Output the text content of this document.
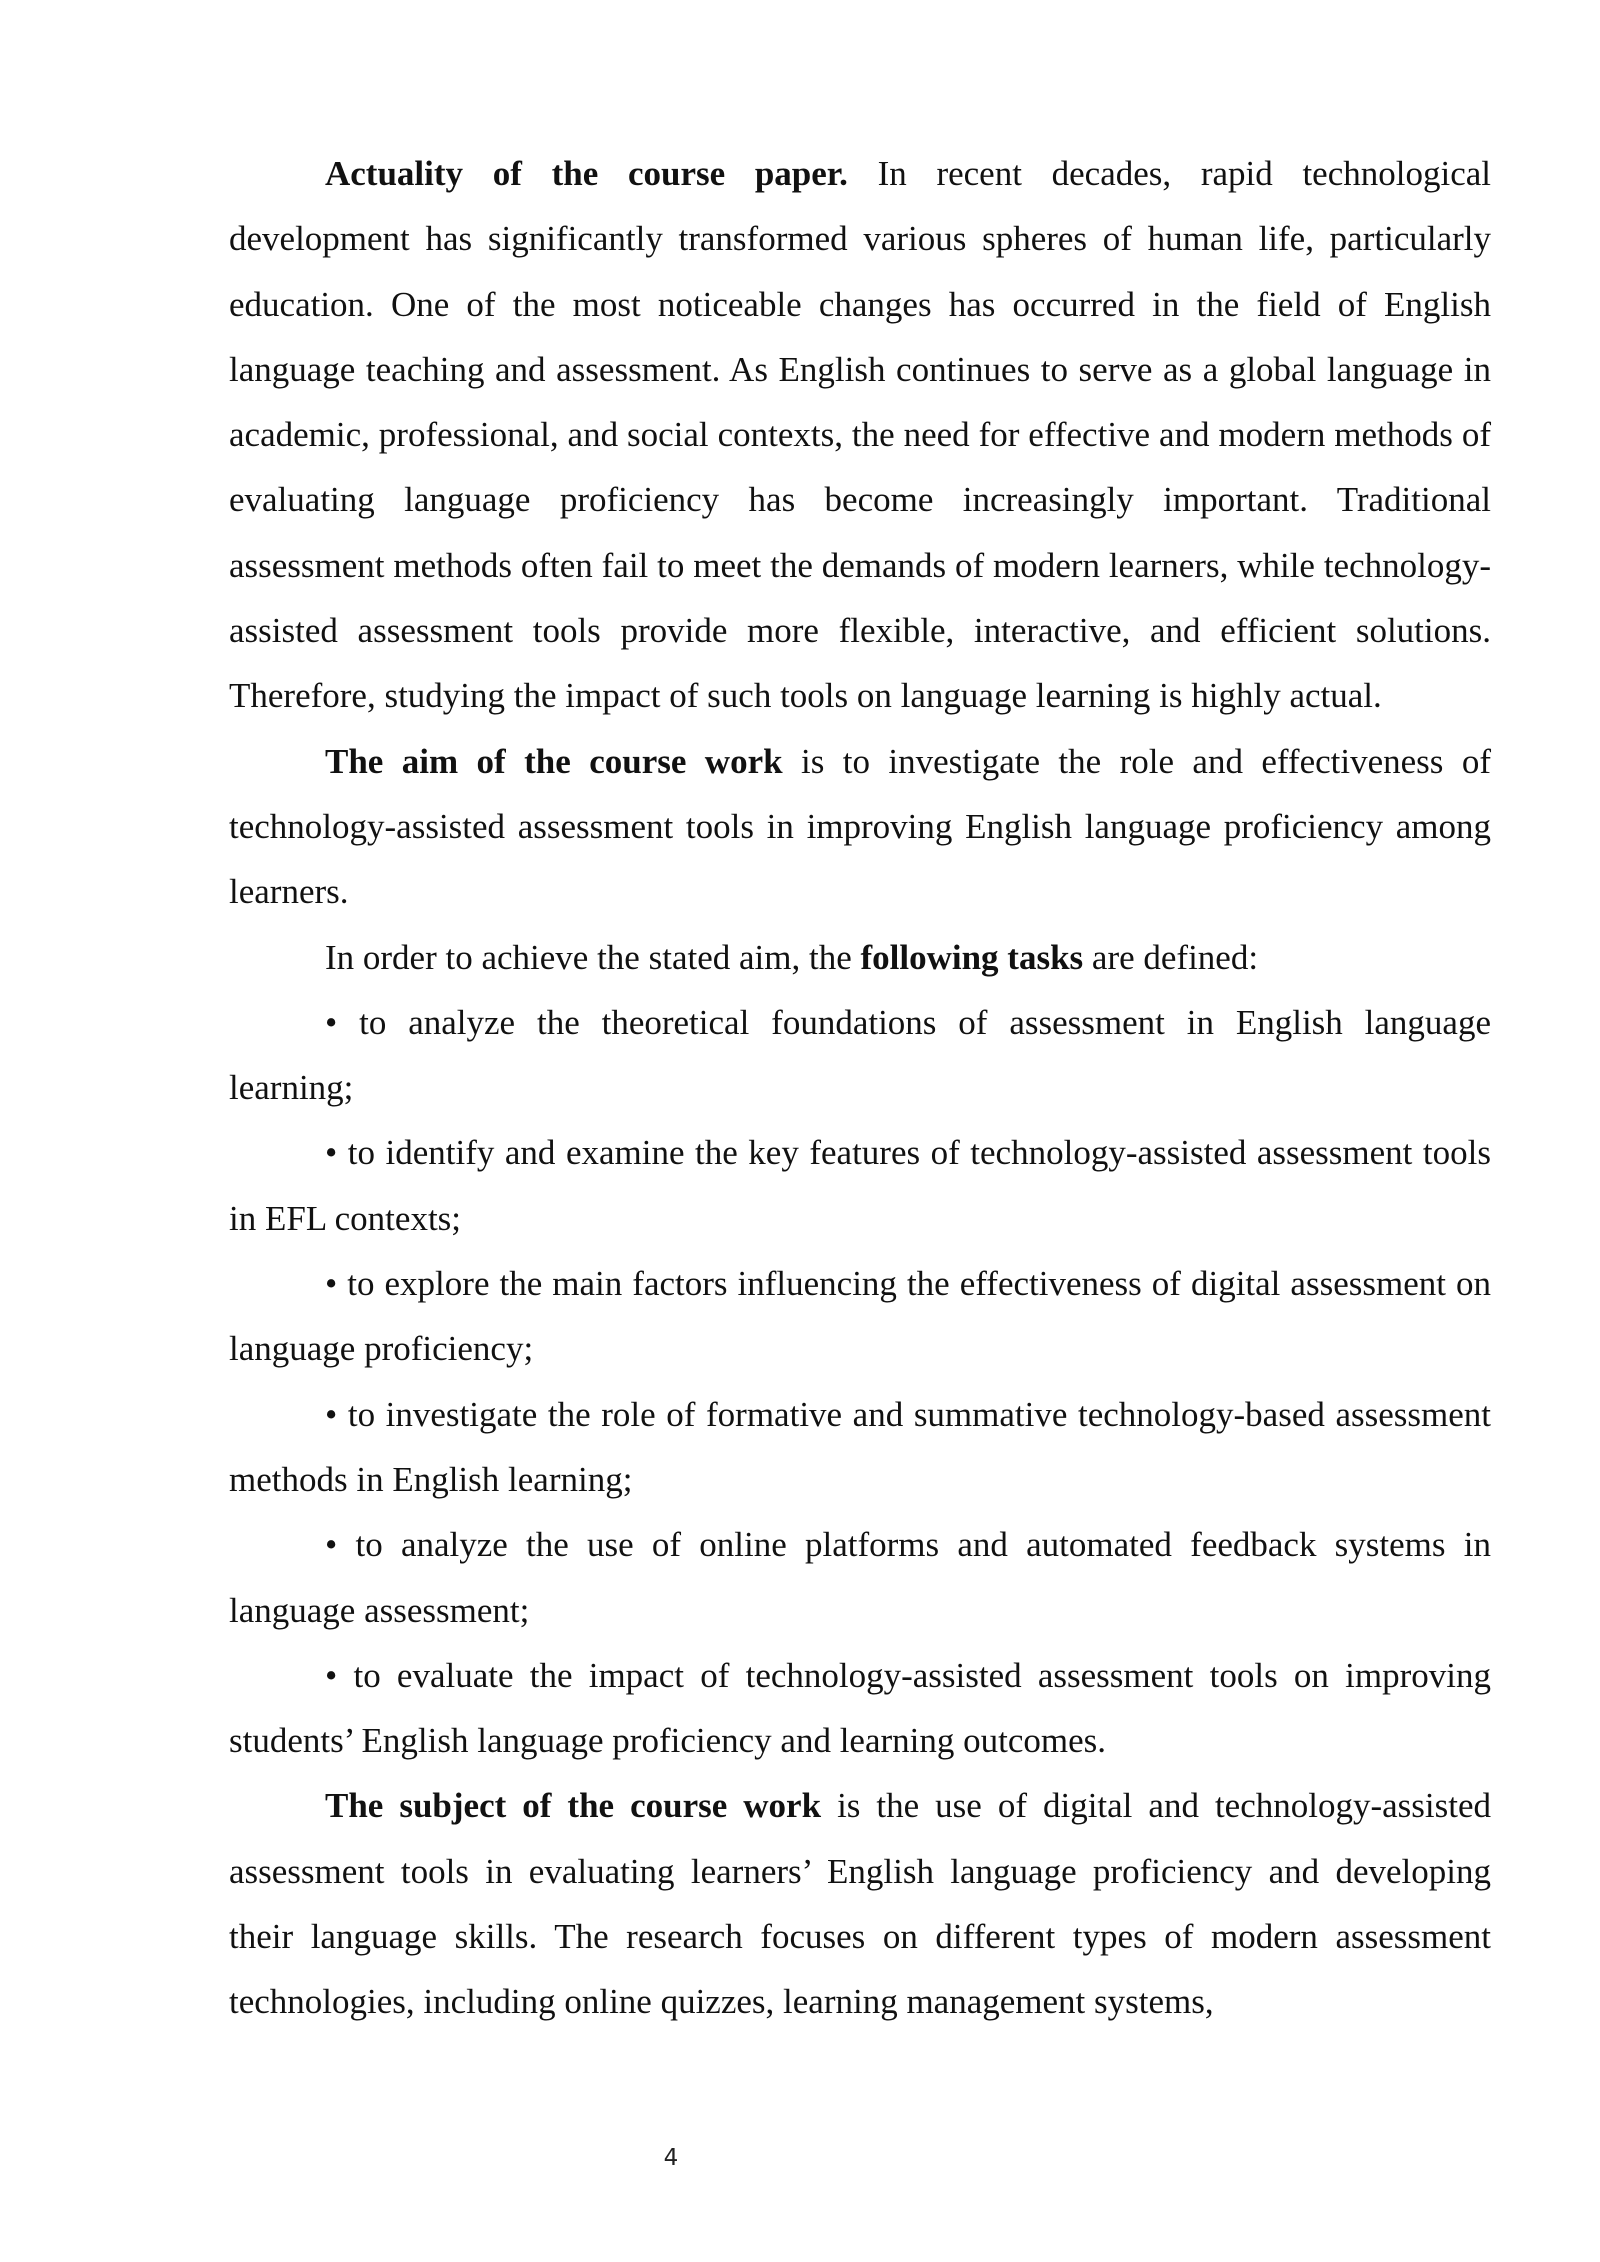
Actuality of the course paper. In recent decades, rapid technological development has significantly transformed various spheres of human life, particularly education. One of the most noticeable changes has occurred in the field of English language teaching and assessment. As English continues to serve as a global language in academic, professional, and social contexts, the need for effective and modern methods of evaluating language proficiency has become increasingly important. Traditional assessment methods often fail to meet the demands of modern learners, while technology-assisted assessment tools provide more flexible, interactive, and efficient solutions. Therefore, studying the impact of such tools on language learning is highly actual.

The aim of the course work is to investigate the role and effectiveness of technology-assisted assessment tools in improving English language proficiency among learners.

In order to achieve the stated aim, the following tasks are defined:

• to analyze the theoretical foundations of assessment in English language learning;

• to identify and examine the key features of technology-assisted assessment tools in EFL contexts;

• to explore the main factors influencing the effectiveness of digital assessment on language proficiency;

• to investigate the role of formative and summative technology-based assessment methods in English learning;

• to analyze the use of online platforms and automated feedback systems in language assessment;

• to evaluate the impact of technology-assisted assessment tools on improving students’ English language proficiency and learning outcomes.

The subject of the course work is the use of digital and technology-assisted assessment tools in evaluating learners’ English language proficiency and developing their language skills. The research focuses on different types of modern assessment technologies, including online quizzes, learning management systems,

4
